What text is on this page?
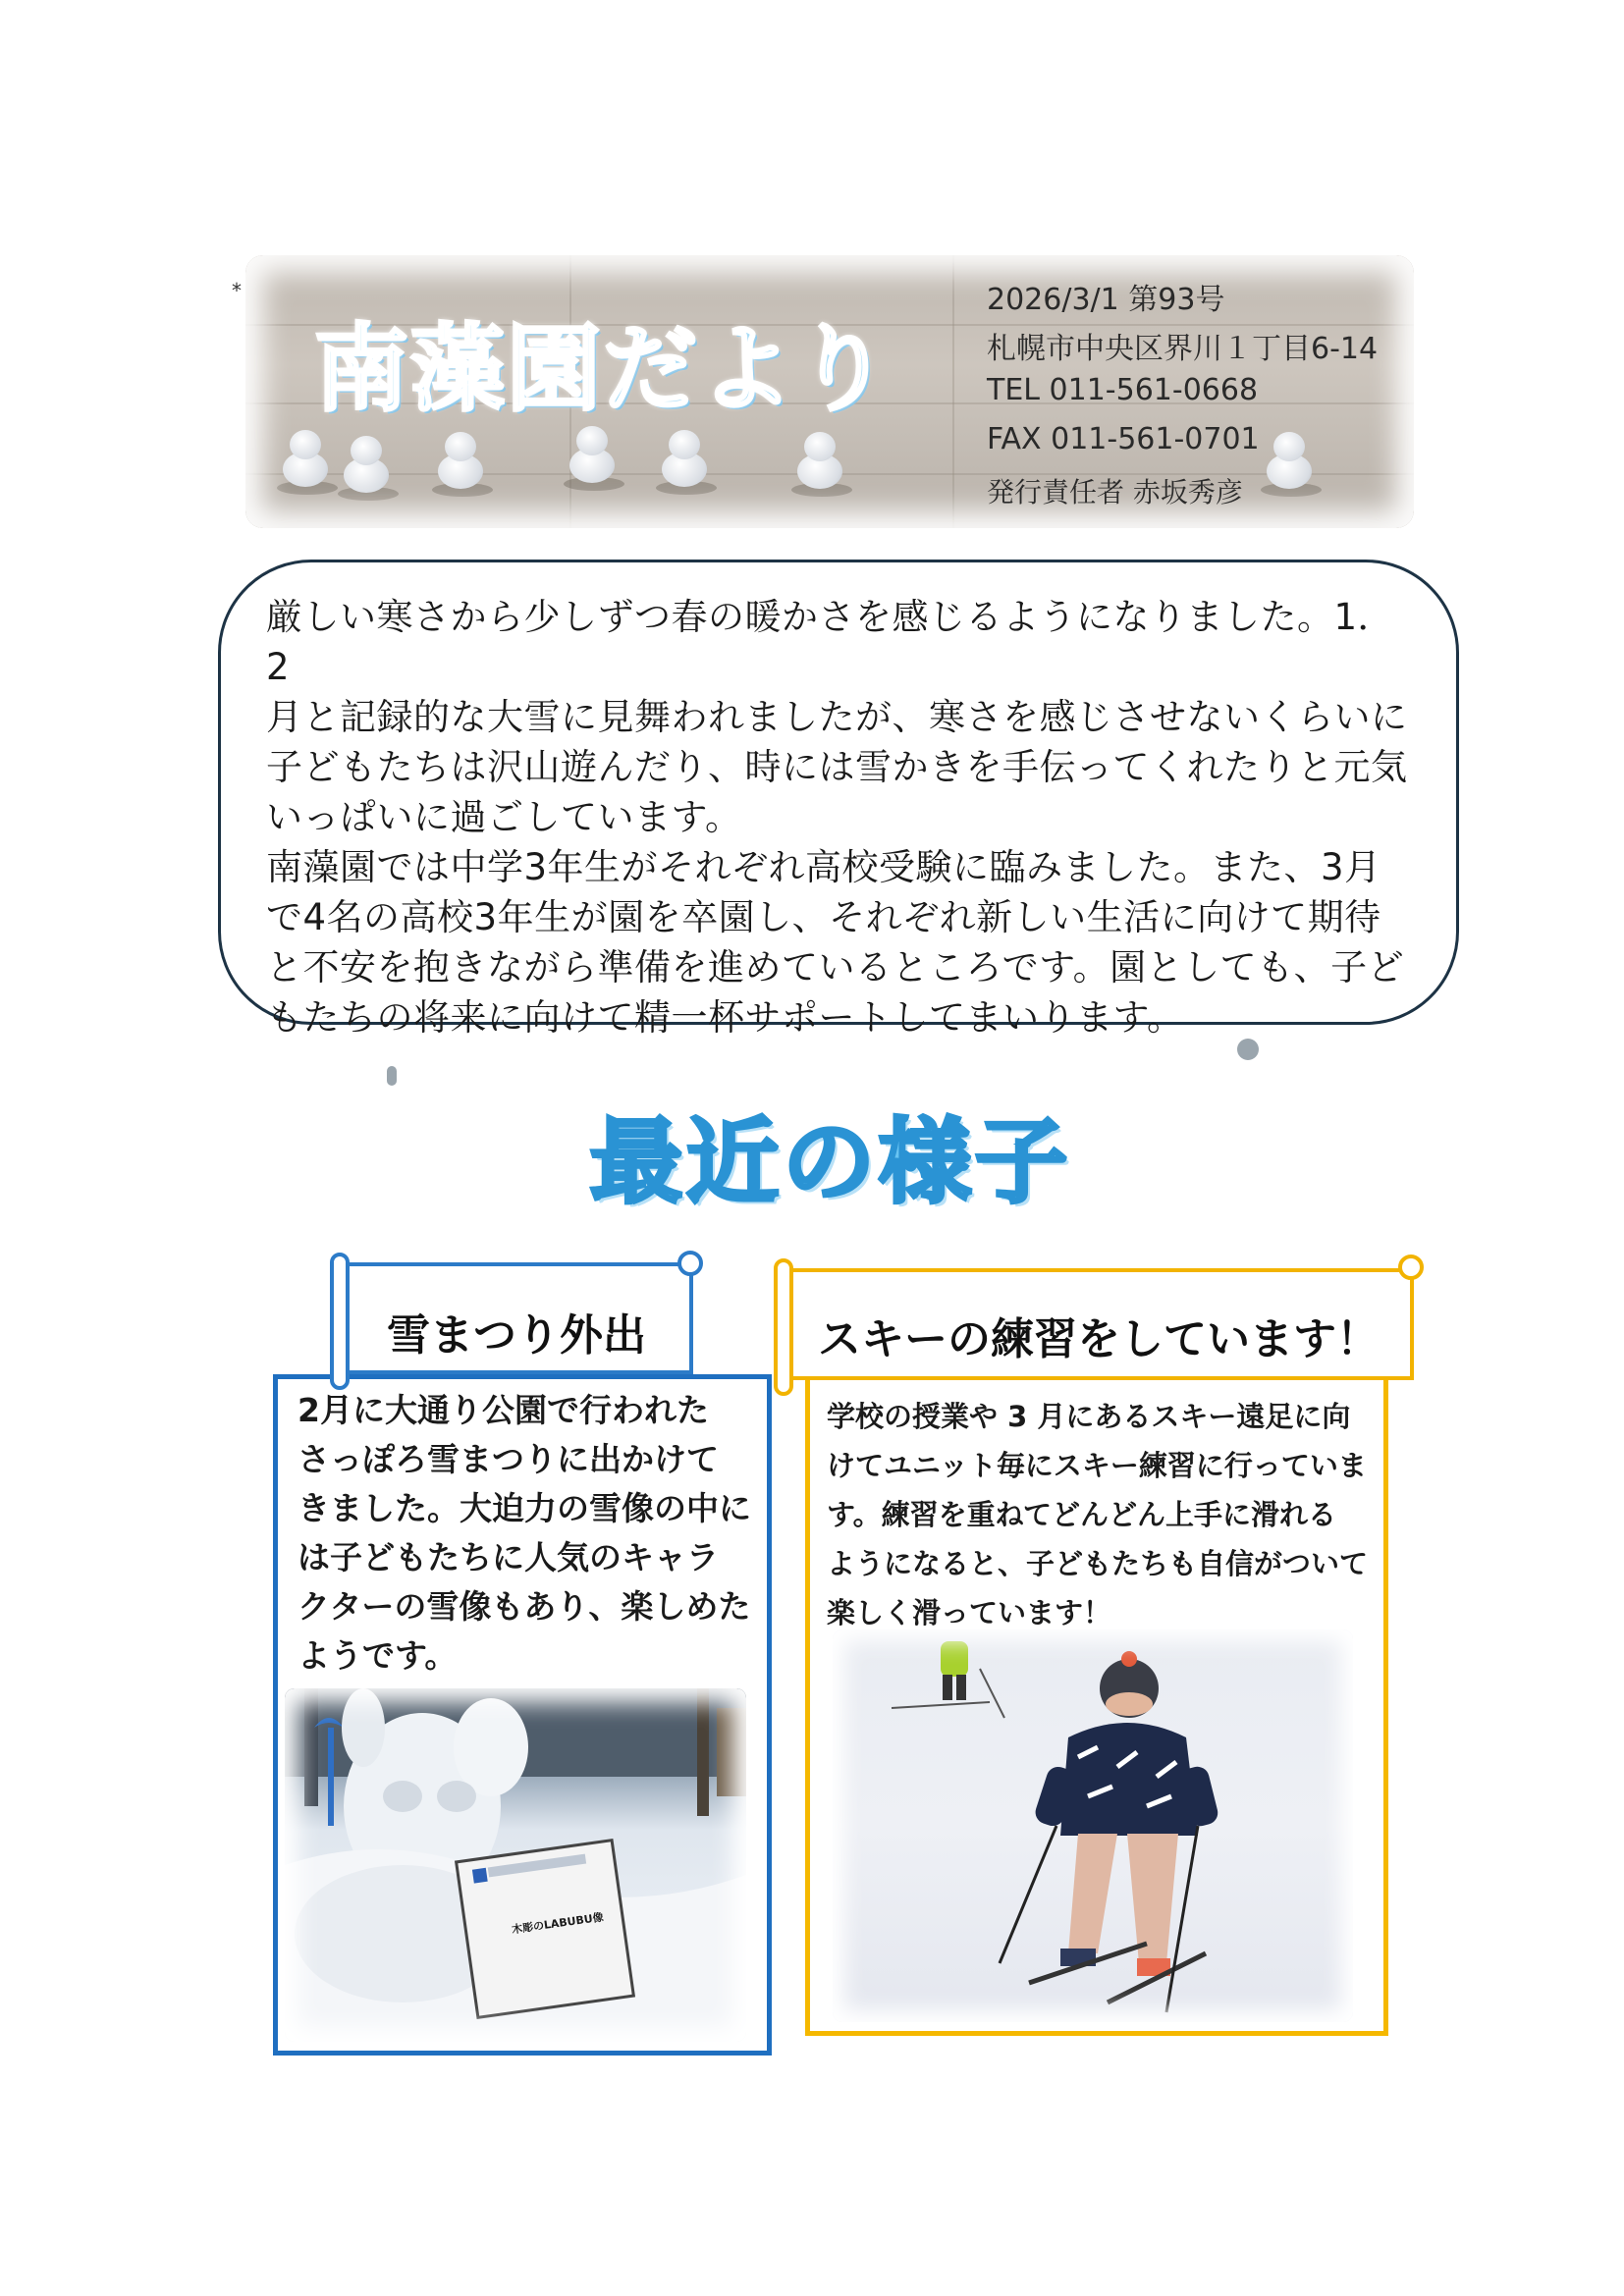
*
南藻園だより
2026/3/1 第93号
札幌市中央区界川１丁目6-14
TEL 011-561-0668
FAX 011-561-0701
発行責任者 赤坂秀彦

厳しい寒さから少しずつ春の暖かさを感じるようになりました。1．2

月と記録的な大雪に見舞われましたが、寒さを感じさせないくらいに

子どもたちは沢山遊んだり、時には雪かきを手伝ってくれたりと元気

いっぱいに過ごしています。

南藻園では中学3年生がそれぞれ高校受験に臨みました。また、3月

で4名の高校3年生が園を卒園し、それぞれ新しい生活に向けて期待

と不安を抱きながら準備を進めているところです。園としても、子ど

もたちの将来に向けて精一杯サポートしてまいります。

最近の様子
雪まつり外出
2月に大通り公園で行われた
さっぽろ雪まつりに出かけて
きました。大迫力の雪像の中に
は子どもたちに人気のキャラ
クターの雪像もあり、楽しめた
ようです。
木彫のLABUBU像
スキーの練習をしています！
学校の授業や 3 月にあるスキー遠足に向
けてユニット毎にスキー練習に行っていま
す。練習を重ねてどんどん上手に滑れる
ようになると、子どもたちも自信がついて
楽しく滑っています！
